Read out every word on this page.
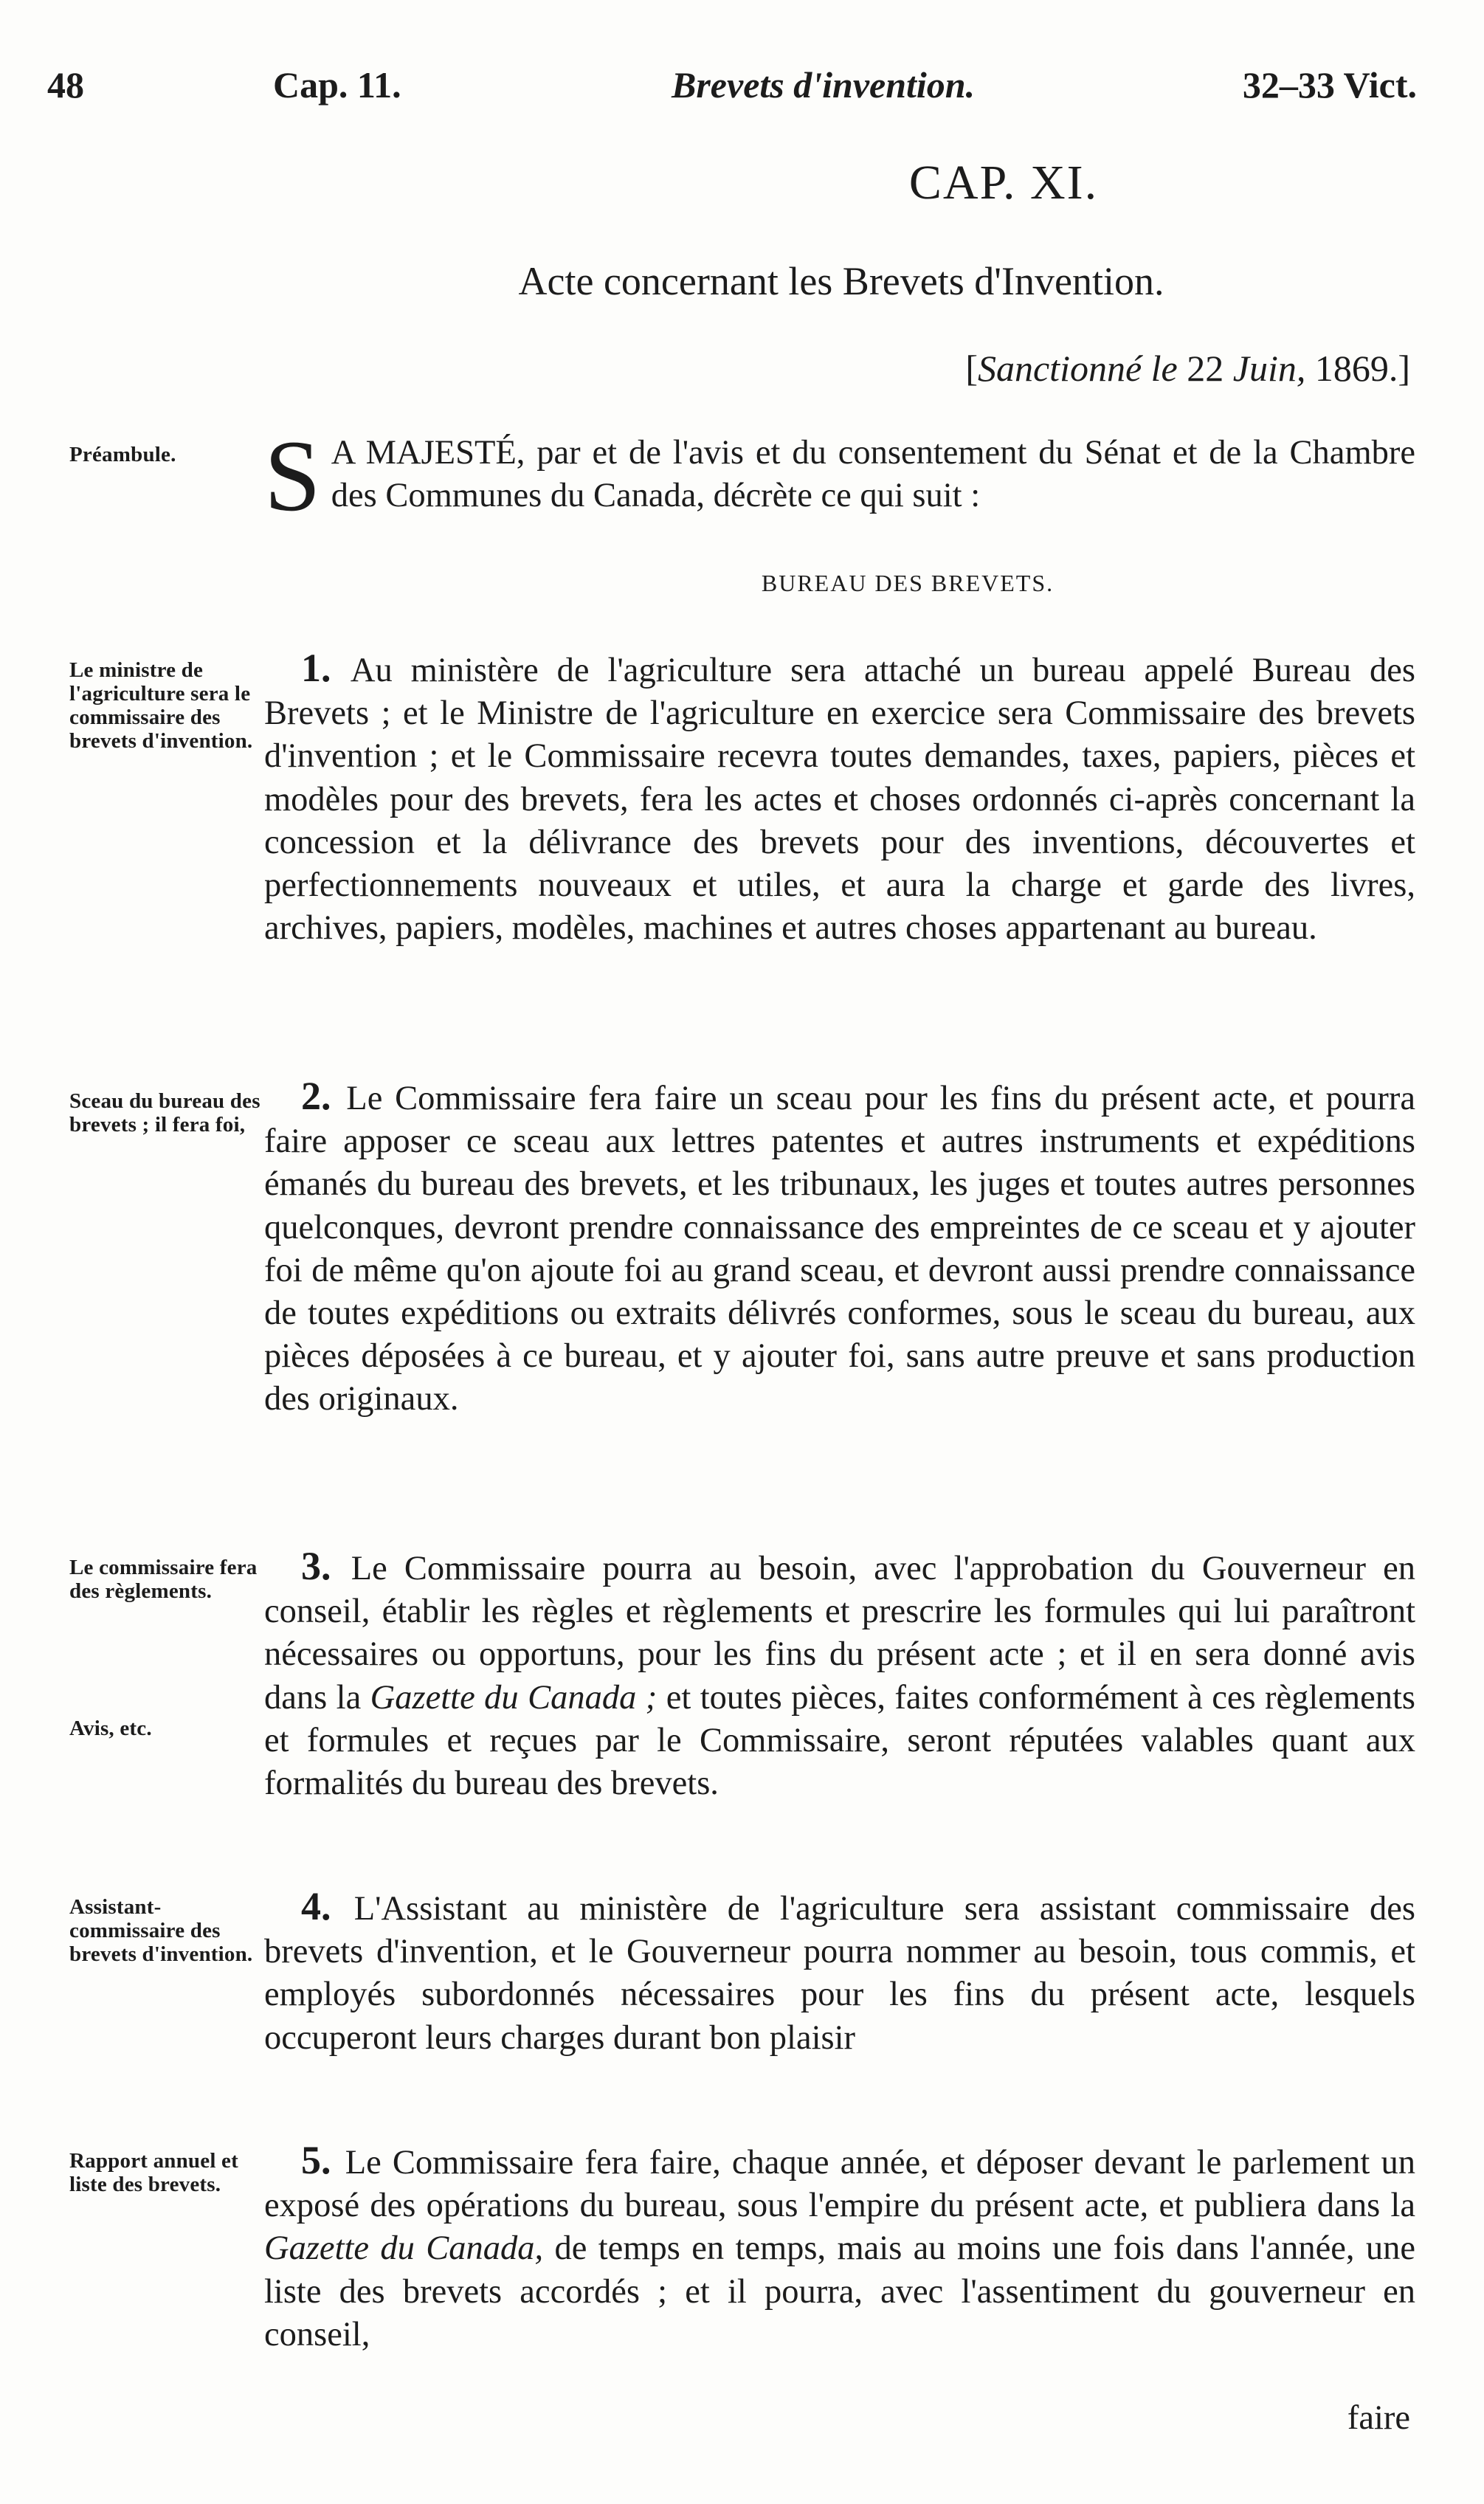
48	Cap. 11.	Brevets d'invention.	32–33 Vict.
CAP. XI.
Acte concernant les Brevets d'Invention.
[Sanctionné le 22 Juin, 1869.]
Préambule. S A MAJESTÉ, par et de l'avis et du consentement du Sénat et de la Chambre des Communes du Canada, décrète ce qui suit :
BUREAU DES BREVETS.
Le ministre de l'agriculture sera le commissaire des brevets d'invention.

1. Au ministère de l'agriculture sera attaché un bureau appelé Bureau des Brevets ; et le Ministre de l'agriculture en exercice sera Commissaire des brevets d'invention ; et le Commissaire recevra toutes demandes, taxes, papiers, pièces et modèles pour des brevets, fera les actes et choses ordonnés ci-après concernant la concession et la délivrance des brevets pour des inventions, découvertes et perfectionnements nouveaux et utiles, et aura la charge et garde des livres, archives, papiers, modèles, machines et autres choses appartenant au bureau.

Sceau du bureau des brevets ; il fera foi,

2. Le Commissaire fera faire un sceau pour les fins du présent acte, et pourra faire apposer ce sceau aux lettres patentes et autres instruments et expéditions émanés du bureau des brevets, et les tribunaux, les juges et toutes autres personnes quelconques, devront prendre connaissance des empreintes de ce sceau et y ajouter foi de même qu'on ajoute foi au grand sceau, et devront aussi prendre connaissance de toutes expéditions ou extraits délivrés conformes, sous le sceau du bureau, aux pièces déposées à ce bureau, et y ajouter foi, sans autre preuve et sans production des originaux.

Le commissaire fera des règlements.
Avis, etc.

3. Le Commissaire pourra au besoin, avec l'approbation du Gouverneur en conseil, établir les règles et règlements et prescrire les formules qui lui paraîtront nécessaires ou opportuns, pour les fins du présent acte ; et il en sera donné avis dans la Gazette du Canada ; et toutes pièces, faites conformément à ces règlements et formules et reçues par le Commissaire, seront réputées valables quant aux formalités du bureau des brevets.

Assistant-commissaire des brevets d'invention.

4. L'Assistant au ministère de l'agriculture sera assistant commissaire des brevets d'invention, et le Gouverneur pourra nommer au besoin, tous commis, et employés subordonnés nécessaires pour les fins du présent acte, lesquels occuperont leurs charges durant bon plaisir

Rapport annuel et liste des brevets.

5. Le Commissaire fera faire, chaque année, et déposer devant le parlement un exposé des opérations du bureau, sous l'empire du présent acte, et publiera dans la Gazette du Canada, de temps en temps, mais au moins une fois dans l'année, une liste des brevets accordés ; et il pourra, avec l'assentiment du gouverneur en conseil,

faire
